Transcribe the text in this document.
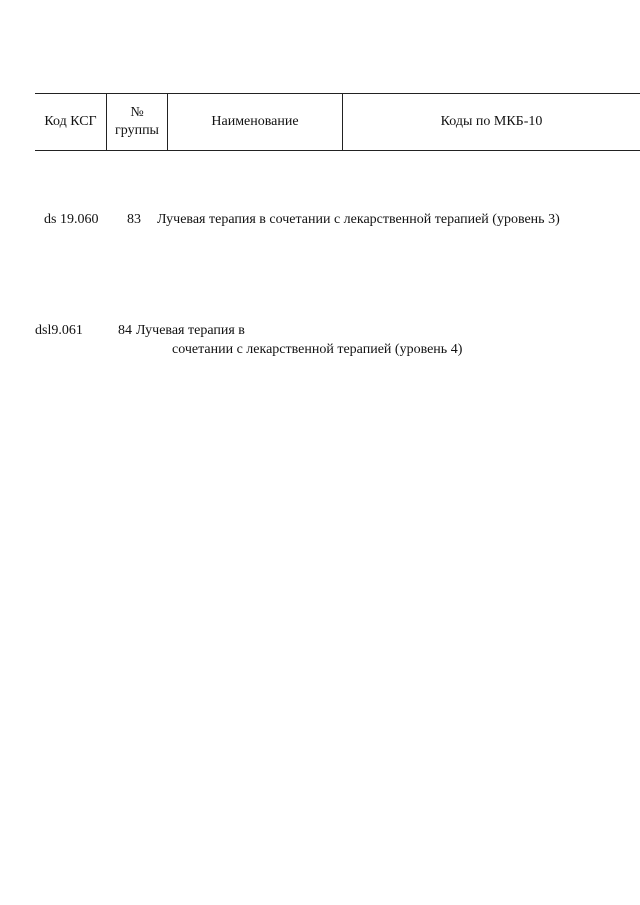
Код КСГ
№
группы
Наименование	Коды по МКБ-10
ds 19.060 83 Лучевая терапия в сочетании с лекарственной терапией (уровень 3)
dsl9.061	84 Лучевая терапия в
сочетании с лекарственной терапией (уровень 4)
